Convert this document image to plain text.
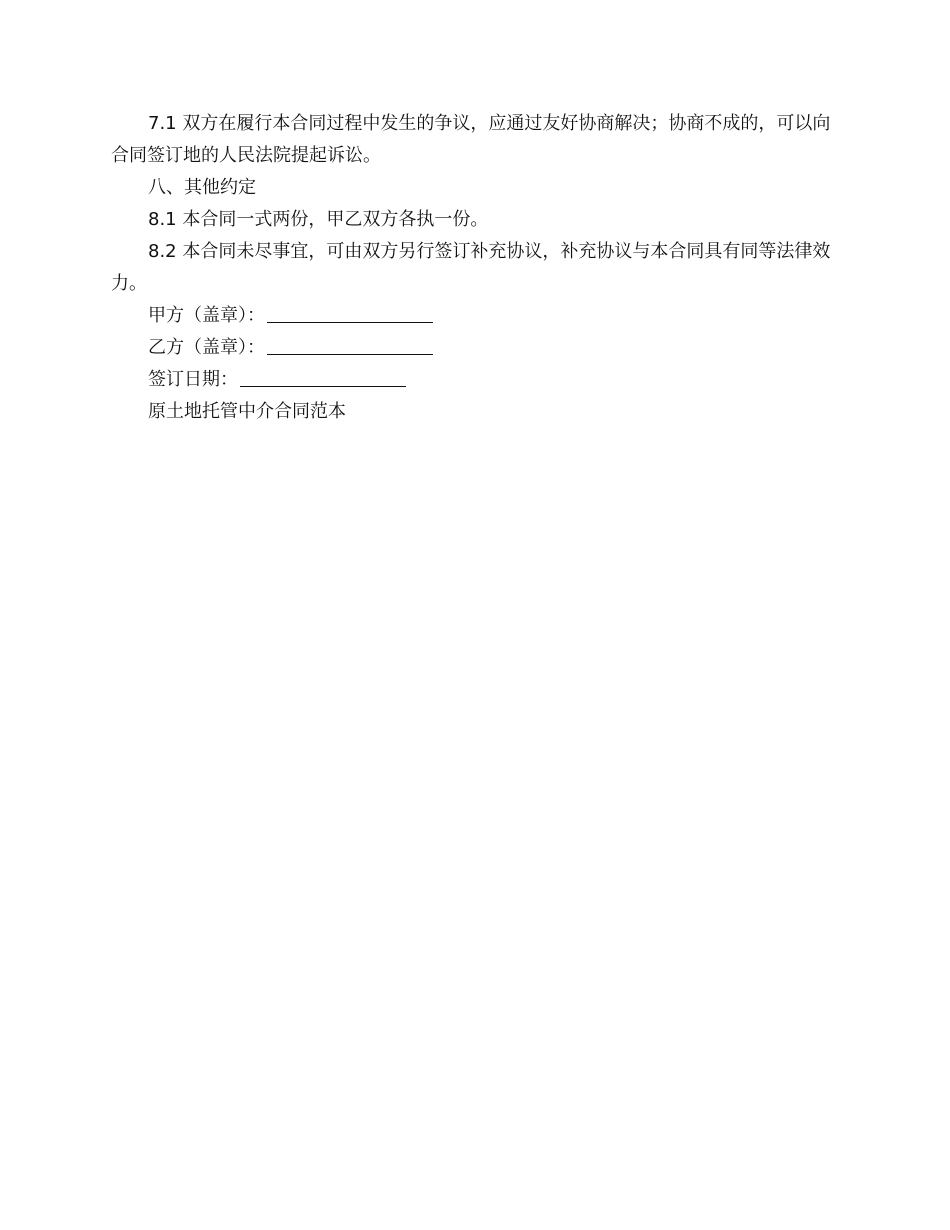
7.1 双方在履行本合同过程中发生的争议，应通过友好协商解决；协商不成的，可以向合同签订地的人民法院提起诉讼。

八、其他约定

8.1 本合同一式两份，甲乙双方各执一份。

8.2 本合同未尽事宜，可由双方另行签订补充协议，补充协议与本合同具有同等法律效力。

甲方（盖章）：

乙方（盖章）：

签订日期：

原土地托管中介合同范本
